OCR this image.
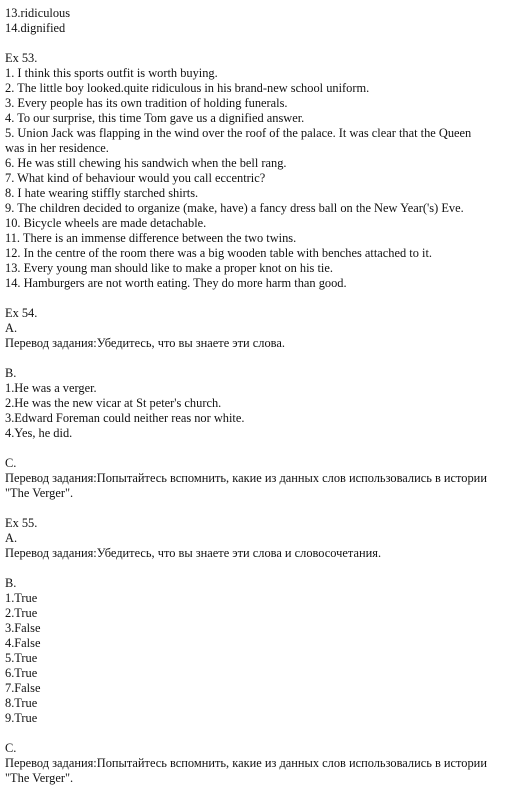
13.ridiculous
14.dignified
Ex 53.
1. I think this sports outfit is worth buying.
2. The little boy looked.quite ridiculous in his brand-new school uniform.
3. Every people has its own tradition of holding funerals.
4. To our surprise, this time Tom gave us a dignified answer.
5. Union Jack was flapping in the wind over the roof of the palace. It was clear that the Queen
was in her residence.
6. He was still chewing his sandwich when the bell rang.
7. What kind of behaviour would you call eccentric?
8. I hate wearing stiffly starched shirts.
9. The children decided to organize (make, have) a fancy dress ball on the New Year('s) Eve.
10. Bicycle wheels are made detachable.
11. There is an immense difference between the two twins.
12. In the centre of the room there was a big wooden table with benches attached to it.
13. Every young man should like to make a proper knot on his tie.
14. Hamburgers are not worth eating. They do more harm than good.
Ex 54.
A.
Перевод задания:Убедитесь, что вы знаете эти слова.
B.
1.He was a verger.
2.He was the new vicar at St peter's church.
3.Edward Foreman could neither reas nor white.
4.Yes, he did.
C.
Перевод задания:Попытайтесь вспомнить, какие из данных слов использовались в истории
"The Verger".
Ex 55.
A.
Перевод задания:Убедитесь, что вы знаете эти слова и словосочетания.
B.
1.True
2.True
3.False
4.False
5.True
6.True
7.False
8.True
9.True
C.
Перевод задания:Попытайтесь вспомнить, какие из данных слов использовались в истории
"The Verger".
